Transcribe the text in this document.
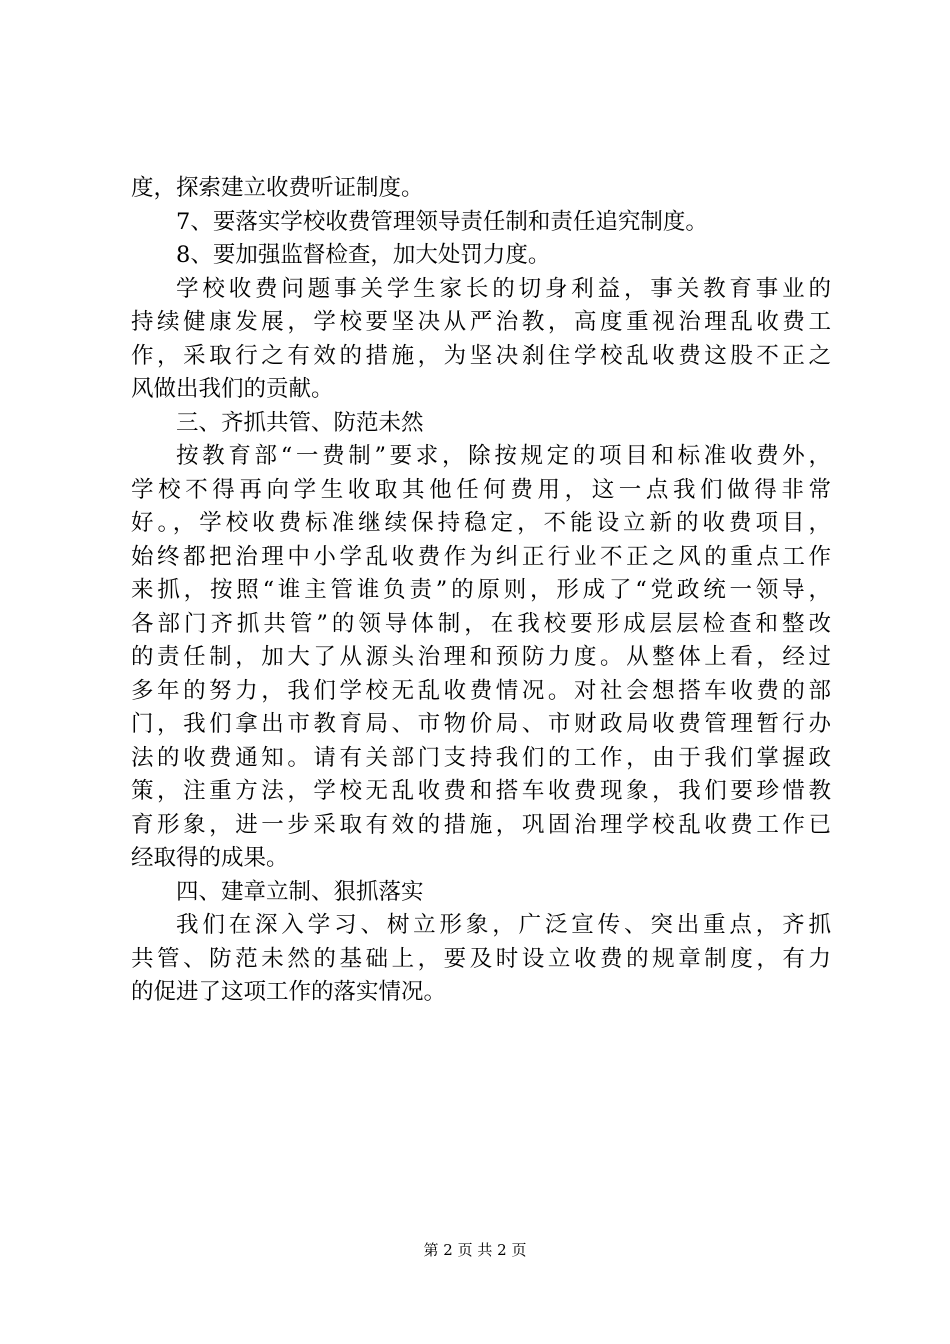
度，探索建立收费听证制度。
7、要落实学校收费管理领导责任制和责任追究制度。
8、要加强监督检查，加大处罚力度。
学校收费问题事关学生家长的切身利益，事关教育事业的
持续健康发展，学校要坚决从严治教，高度重视治理乱收费工
作，采取行之有效的措施，为坚决刹住学校乱收费这股不正之
风做出我们的贡献。
三、齐抓共管、防范未然
按教育部“一费制”要求，除按规定的项目和标准收费外，
学校不得再向学生收取其他任何费用，这一点我们做得非常
好。，学校收费标准继续保持稳定，不能设立新的收费项目，
始终都把治理中小学乱收费作为纠正行业不正之风的重点工作
来抓，按照“谁主管谁负责”的原则，形成了“党政统一领导，
各部门齐抓共管”的领导体制，在我校要形成层层检查和整改
的责任制，加大了从源头治理和预防力度。从整体上看，经过
多年的努力，我们学校无乱收费情况。对社会想搭车收费的部
门，我们拿出市教育局、市物价局、市财政局收费管理暂行办
法的收费通知。请有关部门支持我们的工作，由于我们掌握政
策，注重方法，学校无乱收费和搭车收费现象，我们要珍惜教
育形象，进一步采取有效的措施，巩固治理学校乱收费工作已
经取得的成果。
四、建章立制、狠抓落实
我们在深入学习、树立形象，广泛宣传、突出重点，齐抓
共管、防范未然的基础上，要及时设立收费的规章制度，有力
的促进了这项工作的落实情况。
第 2 页 共 2 页
